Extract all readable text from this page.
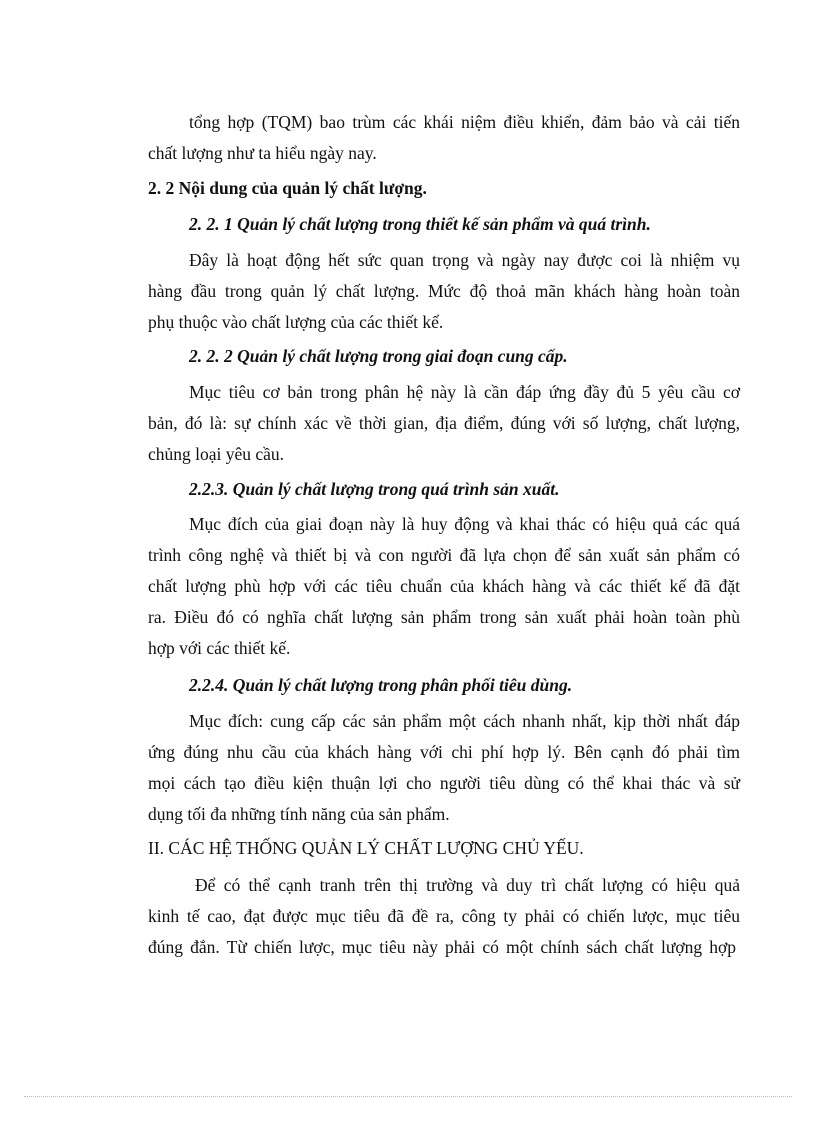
tổng hợp (TQM) bao trùm các khái niệm điều khiển, đảm bảo và cải tiến
chất lượng như ta hiểu ngày nay.
2. 2 Nội dung của quản lý chất lượng.
2. 2. 1 Quản lý chất lượng trong thiết kế sản phẩm và quá trình.
Đây là hoạt động hết sức quan trọng và ngày nay được coi là nhiệm vụ
hàng đầu trong quản lý chất lượng. Mức độ thoả mãn khách hàng hoàn toàn
phụ thuộc vào chất lượng của các thiết kế.
2. 2. 2 Quản lý chất lượng trong giai đoạn cung cấp.
Mục tiêu cơ bản trong phân hệ này là cần đáp ứng đầy đủ 5 yêu cầu cơ
bản, đó là: sự chính xác về thời gian, địa điểm, đúng với số lượng, chất lượng,
chủng loại yêu cầu.
2.2.3. Quản lý chất lượng trong quá trình sản xuất.
Mục đích của giai đoạn này là huy động và khai thác có hiệu quả các quá
trình công nghệ và thiết bị và con người đã lựa chọn để sản xuất sản phẩm có
chất lượng phù hợp với các tiêu chuẩn của khách hàng và các thiết kế đã đặt
ra. Điều đó có nghĩa chất lượng sản phẩm trong sản xuất phải hoàn toàn phù
hợp với các thiết kế.
2.2.4. Quản lý chất lượng trong phân phối tiêu dùng.
Mục đích: cung cấp các sản phẩm một cách nhanh nhất, kịp thời nhất đáp
ứng đúng nhu cầu của khách hàng với chi phí hợp lý. Bên cạnh đó phải tìm
mọi cách tạo điều kiện thuận lợi cho người tiêu dùng có thể khai thác và sử
dụng tối đa những tính năng của sản phẩm.
II. CÁC HỆ THỐNG QUẢN LÝ CHẤT LƯỢNG CHỦ YẾU.
Để có thể cạnh tranh trên thị trường và duy trì chất lượng có hiệu quả
kinh tế cao, đạt được mục tiêu đã đề ra, công ty phải có chiến lược, mục tiêu
đúng đắn. Từ chiến lược, mục tiêu này phải có một chính sách chất lượng hợp
